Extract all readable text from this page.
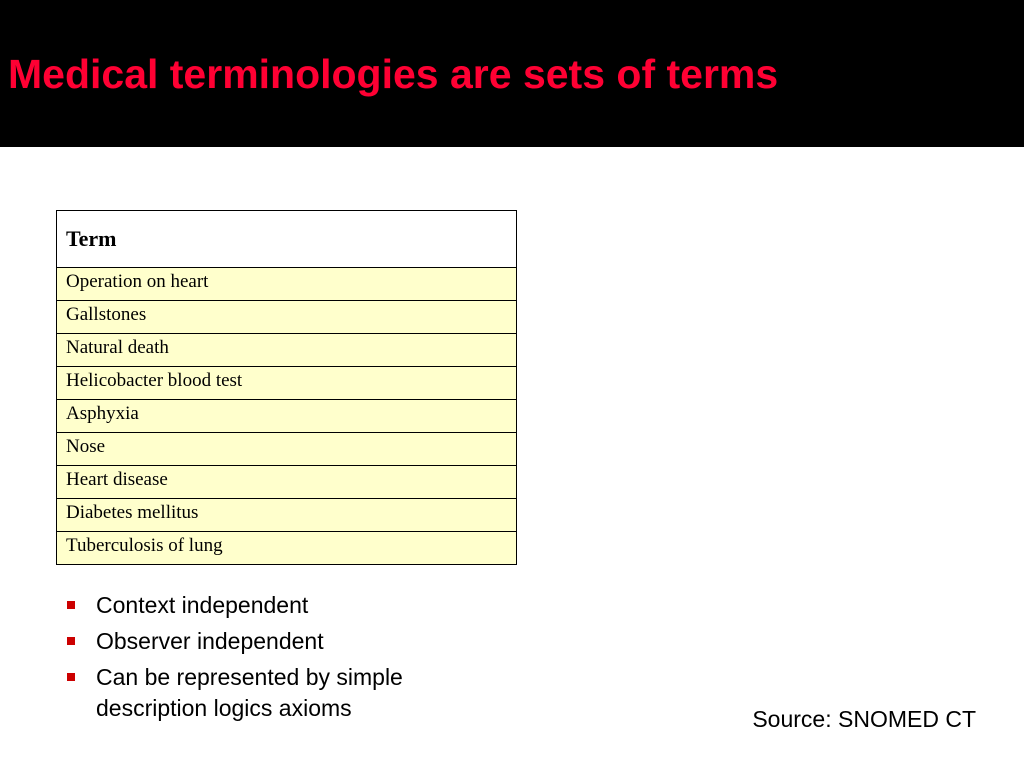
Medical terminologies are sets of terms
Term
Operation on heart
Gallstones
Natural death
Helicobacter blood test
Asphyxia
Nose
Heart disease
Diabetes mellitus
Tuberculosis of lung
Context independent
Observer independent
Can be represented by simple description logics axioms	Source: SNOMED CT
